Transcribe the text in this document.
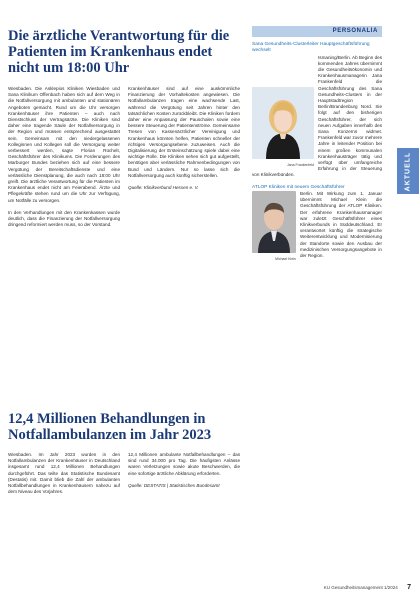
Die ärztliche Verantwortung für die Patienten im Krankenhaus endet nicht um 18:00 Uhr

Wiesbaden. Die Asklepios Kliniken Wiesbaden und Sana Klinikum Offenbach haben sich auf dem Weg in die Notfallversorgung mit ambulanten und stationären Angeboten gemacht. Rund um die Uhr versorgen Krankenhäuser ihre Patienten – auch nach Dienstschluss der Vertragsärzte. Die Kliniken sind daher eine tragende Säule der Notfallversorgung in der Region und müssen entsprechend ausgestattet sein. Gemeinsam mit den niedergelassenen Kolleginnen und Kollegen soll die Versorgung weiter verbessert werden, sagte Florian Rüchelt, Geschäftsführer des Klinikums. Die Forderungen des Marburger Bundes beziehen sich auf eine bessere Vergütung der Bereitschaftsdienste und eine verlässliche Dienstplanung, die auch nach 18:00 Uhr greift. Die ärztliche Verantwortung für die Patienten im Krankenhaus endet nicht am Feierabend. Ärzte und Pflegekräfte stehen rund um die Uhr zur Verfügung, um Notfälle zu versorgen.

In den Verhandlungen mit den Krankenkassen wurde deutlich, dass die Finanzierung der Notfallversorgung dringend reformiert werden muss, so der Vorstand.

Krankenhäuser sind auf eine auskömmliche Finanzierung der Vorhaltekosten angewiesen. Die Notfallambulanzen tragen eine wachsende Last, während die Vergütung seit Jahren hinter den tatsächlichen Kosten zurückbleibt. Die Kliniken fordern daher eine Anpassung der Pauschalen sowie eine bessere Steuerung der Patientenströme. Gemeinsame Tresen von Kassenärztlicher Vereinigung und Krankenhaus könnten helfen, Patienten schneller der richtigen Versorgungsebene zuzuweisen. Auch die Digitalisierung der Ersteinschätzung spiele dabei eine wichtige Rolle. Die Kliniken sehen sich gut aufgestellt, benötigen aber verlässliche Rahmenbedingungen von Bund und Ländern. Nur so lasse sich die Notfallversorgung auch künftig sicherstellen.

Quelle: Klinikverbund Hessen e. V.

PERSONALIA

Sana Gesundheits-Clusterleiter Hauptgeschäftsführung wechselt

Jana Frankenfeld

Ismaning/Berlin. Ab Beginn des kommenden Jahres übernimmt die Gesundheitsökonomin und Krankenhausmanagerin Jana Frankenfeld die Geschäftsführung des Sana Gesundheits-Clusters in der Hauptstadtregion Berlin/Brandenburg Nord. Sie folgt auf den bisherigen Geschäftsführer, der sich neuen Aufgaben innerhalb des Sana Konzerns widmet. Frankenfeld war zuvor mehrere Jahre in leitender Position bei einem großen kommunalen Krankenhausträger tätig und verfügt über umfangreiche Erfahrung in der Steuerung von Klinikverbünden.

ATLOP Kliniken mit neuem Geschäftsführer

Michael Klein

Berlin. Mit Wirkung zum 1. Januar übernimmt Michael Klein die Geschäftsführung der ATLOP Kliniken. Der erfahrene Krankenhausmanager war zuletzt Geschäftsführer eines Klinikverbunds in Süddeutschland. Er verantwortet künftig die strategische Weiterentwicklung und Modernisierung der Standorte sowie den Ausbau der medizinischen Versorgungsangebote in der Region.

AKTUELL
12,4 Millionen Behandlungen in Notfallambulanzen im Jahr 2023

Wiesbaden. Im Jahr 2023 wurden in den Notfallambulanzen der Krankenhäuser in Deutschland insgesamt rund 12,4 Millionen Behandlungen durchgeführt. Das teilte das Statistische Bundesamt (Destatis) mit. Damit blieb die Zahl der ambulanten Notfallbehandlungen in Krankenhäusern nahezu auf dem Niveau des Vorjahres.

12,4 Millionen ambulante Notfallbehandlungen – das sind rund 34.000 pro Tag. Die häufigsten Anlässe waren Verletzungen sowie akute Beschwerden, die eine sofortige ärztliche Abklärung erforderten.

Quelle: DESTATIS | Statistisches Bundesamt

KU Gesundheitsmanagement 1/2024 7
